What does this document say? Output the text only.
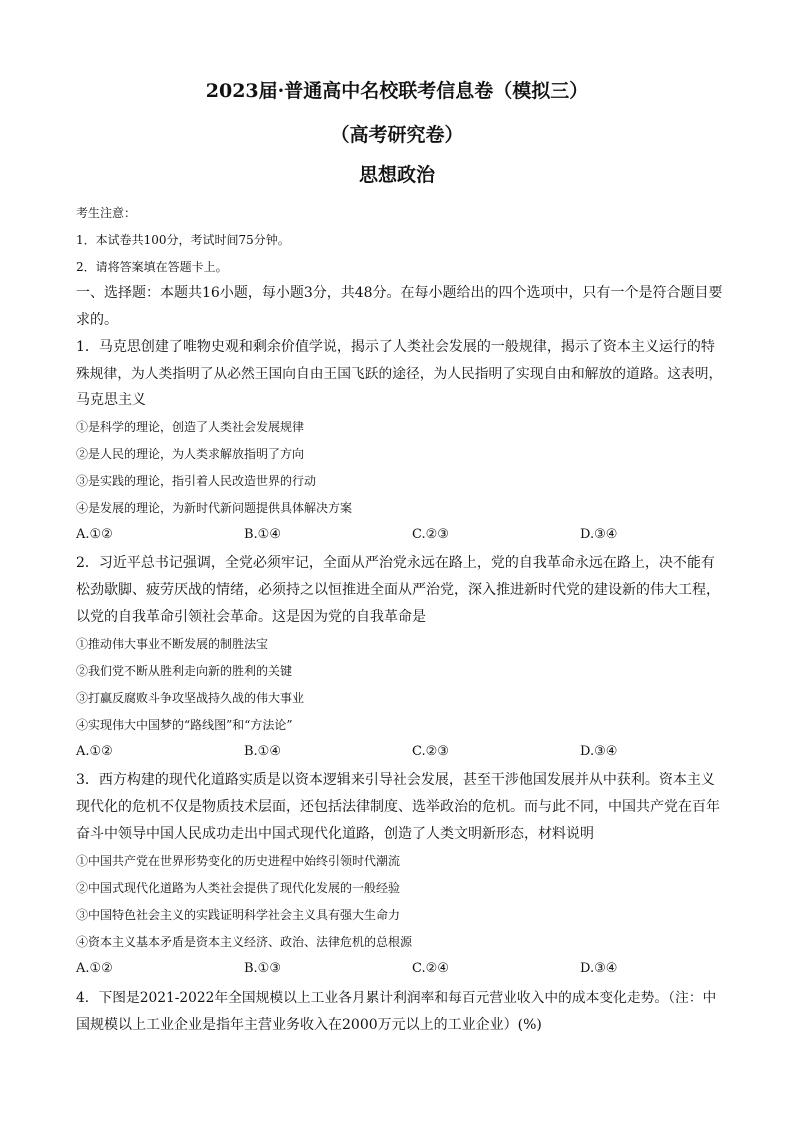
2023届·普通高中名校联考信息卷（模拟三）
（高考研究卷）
思想政治
考生注意：
1．本试卷共100分，考试时间75分钟。
2．请将答案填在答题卡上。
一、选择题：本题共16小题，每小题3分，共48分。在每小题给出的四个选项中，只有一个是符合题目要
求的。
1．马克思创建了唯物史观和剩余价值学说，揭示了人类社会发展的一般规律，揭示了资本主义运行的特
殊规律，为人类指明了从必然王国向自由王国飞跃的途径，为人民指明了实现自由和解放的道路。这表明，
马克思主义
①是科学的理论，创造了人类社会发展规律
②是人民的理论，为人类求解放指明了方向
③是实践的理论，指引着人民改造世界的行动
④是发展的理论，为新时代新问题提供具体解决方案
A.①②	B.①④	C.②③	D.③④
2．习近平总书记强调，全党必须牢记，全面从严治党永远在路上，党的自我革命永远在路上，决不能有
松劲歇脚、疲劳厌战的情绪，必须持之以恒推进全面从严治党，深入推进新时代党的建设新的伟大工程，
以党的自我革命引领社会革命。这是因为党的自我革命是
①推动伟大事业不断发展的制胜法宝
②我们党不断从胜利走向新的胜利的关键
③打赢反腐败斗争攻坚战持久战的伟大事业
④实现伟大中国梦的“路线图”和“方法论”
A.①②	B.①④	C.②③	D.③④
3．西方构建的现代化道路实质是以资本逻辑来引导社会发展，甚至干涉他国发展并从中获利。资本主义
现代化的危机不仅是物质技术层面，还包括法律制度、选举政治的危机。而与此不同，中国共产党在百年
奋斗中领导中国人民成功走出中国式现代化道路，创造了人类文明新形态，材料说明
①中国共产党在世界形势变化的历史进程中始终引领时代潮流
②中国式现代化道路为人类社会提供了现代化发展的一般经验
③中国特色社会主义的实践证明科学社会主义具有强大生命力
④资本主义基本矛盾是资本主义经济、政治、法律危机的总根源
A.①②	B.①③	C.②④	D.③④
4．下图是2021-2022年全国规模以上工业各月累计利润率和每百元营业收入中的成本变化走势。（注：中
国规模以上工业企业是指年主营业务收入在2000万元以上的工业企业）(%)
